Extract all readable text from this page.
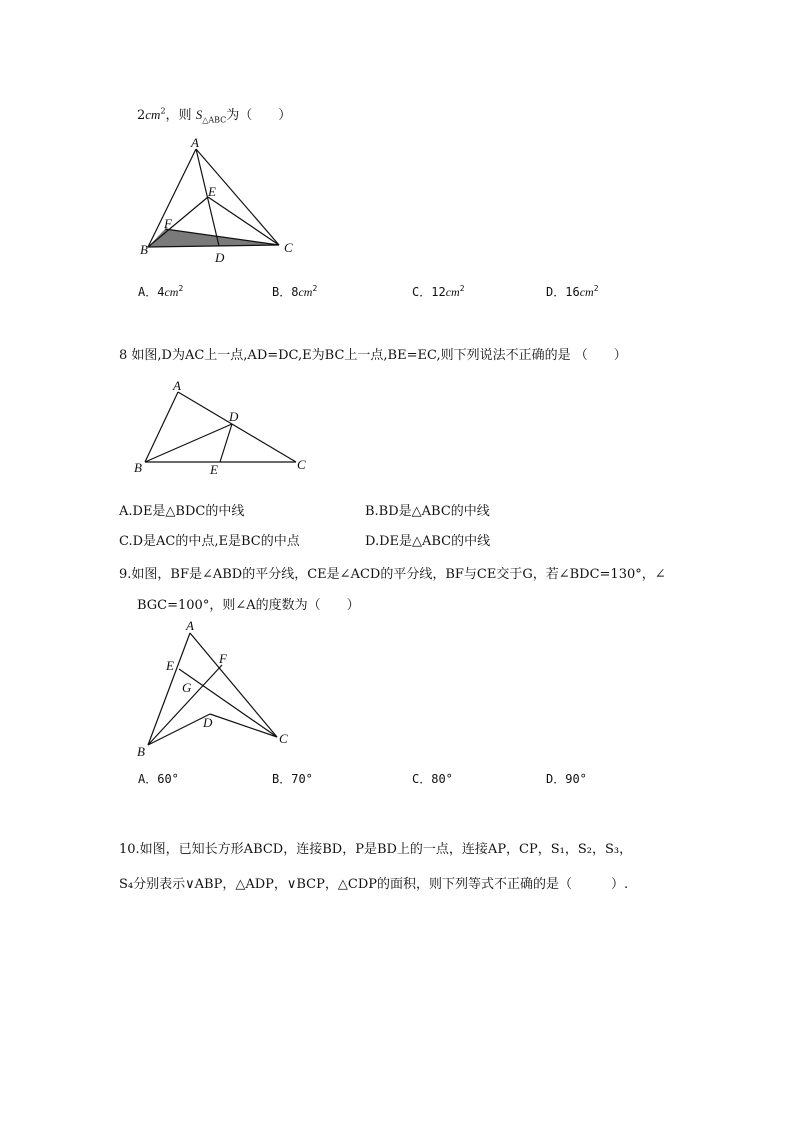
$2cm^2$，则 $S_{\triangle ABC}$为（　　）
A
E
F
B
D
C
A．$4cm^2$	B．$8cm^2$	C．$12cm^2$	D．$16cm^2$
8 如图,D为AC上一点,AD=DC,E为BC上一点,BE=EC,则下列说法不正确的是 （　　）
A
D
B	E	C
A.DE是△BDC的中线	B.BD是△ABC的中线
C.D是AC的中点,E是BC的中点	D.DE是△ABC的中线
9.如图，BF是∠ABD的平分线，CE是∠ACD的平分线，BF与CE交于G，若∠BDC=130°，∠
BGC=100°，则∠A的度数为（　　）
A
E	F
G
D
B
C
A．60°	B．70°	C．80°	D．90°
10.如图，已知长方形ABCD，连接BD，P是BD上的一点，连接AP，CP，S₁，S₂，S₃，
S₄分别表示∨ABP，△ADP，∨BCP，△CDP的面积，则下列等式不正确的是（　　　）.
